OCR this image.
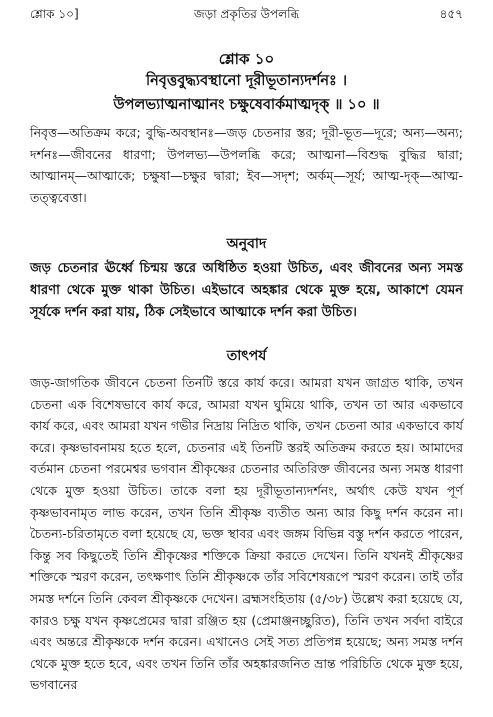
শ্লোক ১০]	জড়া প্রকৃতির উপলব্ধি	৪৫৭
শ্লোক ১০
নিবৃত্তবুদ্ধ্যবস্থানো দূরীভূতান্যদর্শনঃ ।
উপলভ্যাত্মনাত্মানং চক্ষুষেবার্কমাত্মদৃক্ ॥ ১০ ॥
নিবৃত্ত—অতিক্রম করে; বুদ্ধি-অবস্থানঃ—জড় চেতনার স্তর; দূরী-ভূত—দূরে; অন্য—অন্য; দর্শনঃ—জীবনের ধারণা; উপলভ্য—উপলব্ধি করে; আত্মনা—বিশুদ্ধ বুদ্ধির দ্বারা; আত্মানম্—আত্মাকে; চক্ষুষা—চক্ষুর দ্বারা; ইব—সদৃশ; অর্কম্—সূর্য; আত্ম-দৃক্—আত্ম-তত্ত্ববেত্তা।
অনুবাদ
জড় চেতনার ঊর্ধ্বে চিন্ময় স্তরে অধিষ্ঠিত হওয়া উচিত, এবং জীবনের অন্য সমস্ত ধারণা থেকে মুক্ত থাকা উচিত। এইভাবে অহঙ্কার থেকে মুক্ত হয়ে, আকাশে যেমন সূর্যকে দর্শন করা যায়, ঠিক সেইভাবে আত্মাকে দর্শন করা উচিত।
তাৎপর্য
জড়-জাগতিক জীবনে চেতনা তিনটি স্তরে কার্য করে। আমরা যখন জাগ্রত থাকি, তখন চেতনা এক বিশেষভাবে কার্য করে, আমরা যখন ঘুমিয়ে থাকি, তখন তা আর একভাবে কার্য করে, এবং আমরা যখন গভীর নিদ্রায় নিদ্রিত থাকি, তখন চেতনা আর একভাবে কার্য করে। কৃষ্ণভাবনাময় হতে হলে, চেতনার এই তিনটি স্তরই অতিক্রম করতে হয়। আমাদের বর্তমান চেতনা পরমেশ্বর ভগবান শ্রীকৃষ্ণের চেতনার অতিরিক্ত জীবনের অন্য সমস্ত ধারণা থেকে মুক্ত হওয়া উচিত। তাকে বলা হয় দূরীভূতান্যদর্শনং, অর্থাৎ কেউ যখন পূর্ণ কৃষ্ণভাবনামৃত লাভ করেন, তখন তিনি শ্রীকৃষ্ণ ব্যতীত অন্য আর কিছু দর্শন করেন না। চৈতন্য-চরিতামৃতে বলা হয়েছে যে, ভক্ত স্থাবর এবং জঙ্গম বিভিন্ন বস্তু দর্শন করতে পারেন, কিন্তু সব কিছুতেই তিনি শ্রীকৃষ্ণের শক্তিকে ক্রিয়া করতে দেখেন। তিনি যখনই শ্রীকৃষ্ণের শক্তিকে স্মরণ করেন, তৎক্ষণাৎ তিনি শ্রীকৃষ্ণকে তাঁর সবিশেষরূপে স্মরণ করেন। তাই তাঁর সমস্ত দর্শনে তিনি কেবল শ্রীকৃষ্ণকে দেখেন। ব্রহ্মসংহিতায় (৫/৩৮) উল্লেখ করা হয়েছে যে, কারও চক্ষু যখন কৃষ্ণপ্রেমের দ্বারা রঞ্জিত হয় (প্রেমাঞ্জনচ্ছুরিত), তিনি তখন সর্বদা বাইরে এবং অন্তরে শ্রীকৃষ্ণকে দর্শন করেন। এখানেও সেই সত্য প্রতিপন্ন হয়েছে; অন্য সমস্ত দর্শন থেকে মুক্ত হতে হবে, এবং তখন তিনি তাঁর অহঙ্কারজনিত ভ্রান্ত পরিচিতি থেকে মুক্ত হয়ে, ভগবানের
